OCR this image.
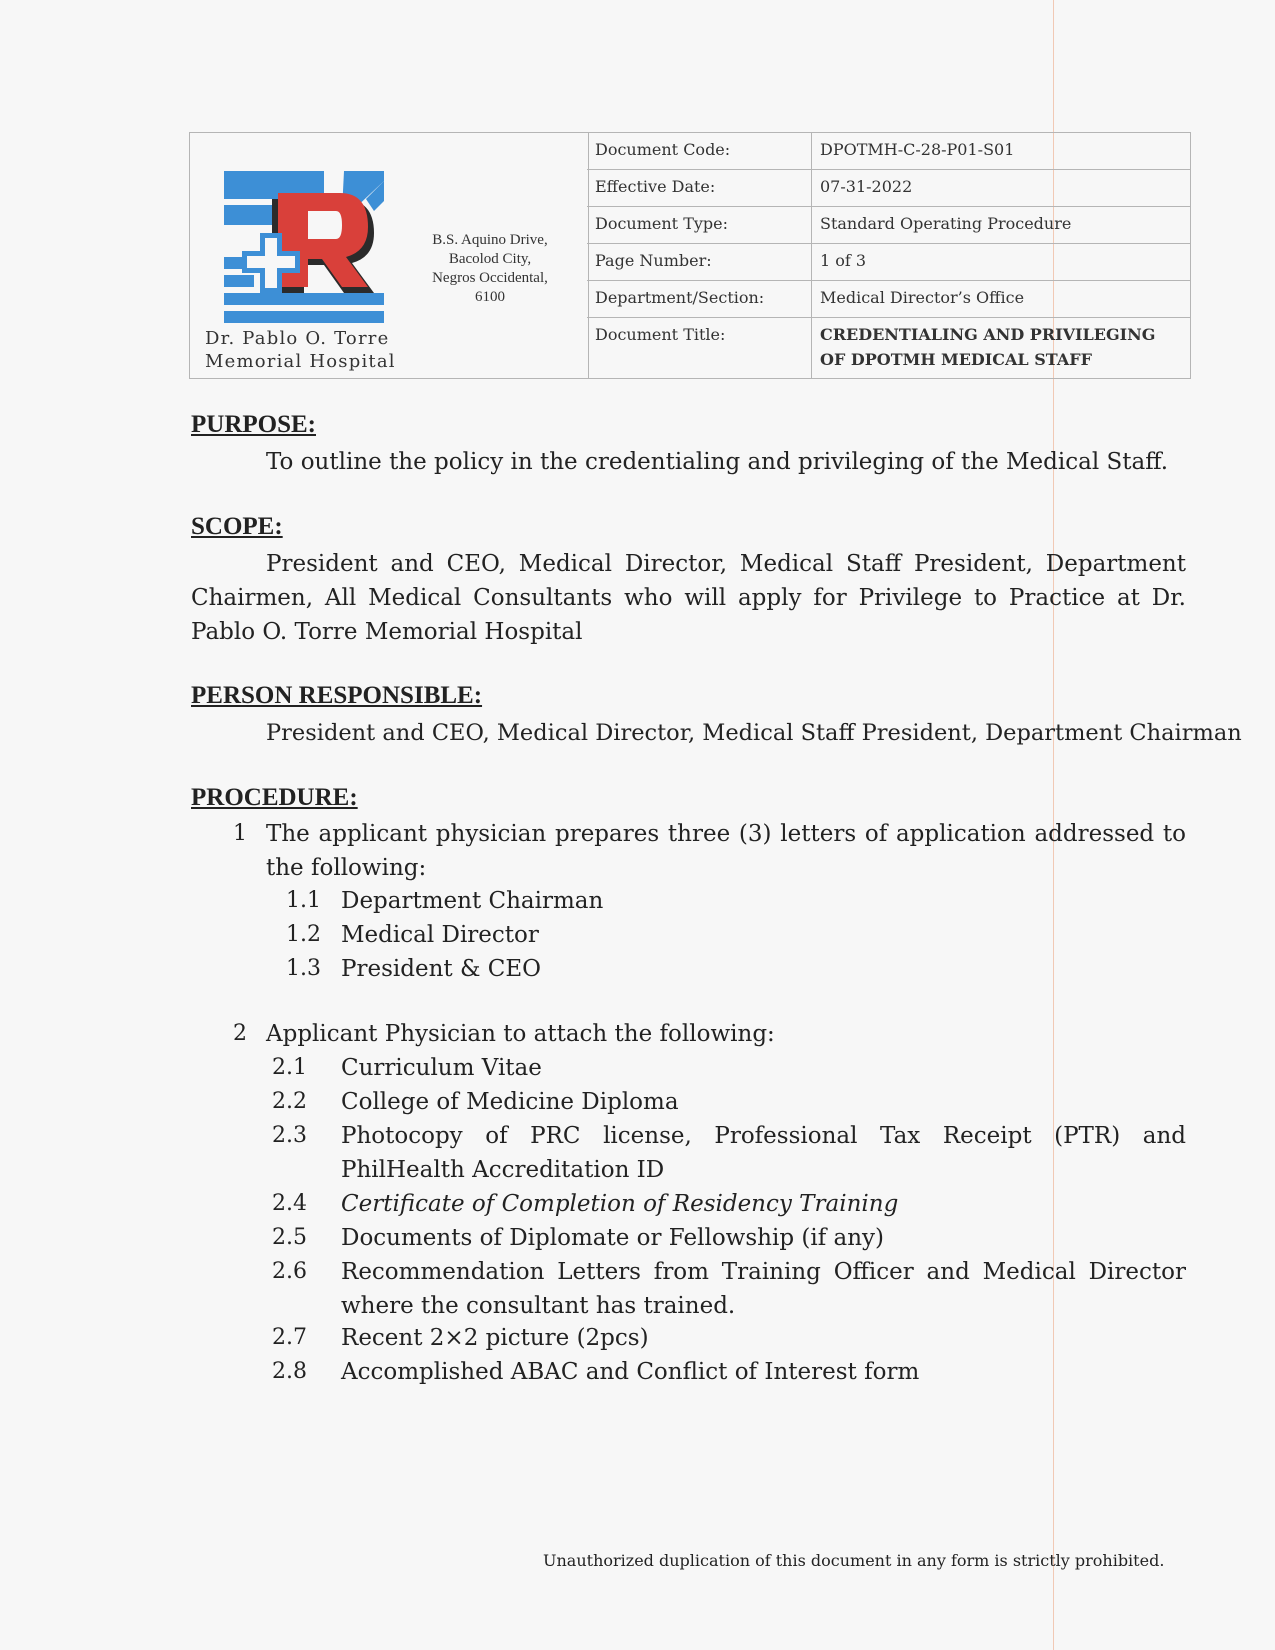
Dr. Pablo O. Torre
Memorial Hospital
B.S. Aquino Drive,
Bacolod City,
Negros Occidental,
6100
Document Code:	DPOTMH-C-28-P01-S01
Effective Date:	07-31-2022
Document Type:	Standard Operating Procedure
Page Number:	1 of 3
Department/Section:	Medical Director’s Office
Document Title:	CREDENTIALING AND PRIVILEGING OF DPOTMH MEDICAL STAFF
PURPOSE:
To outline the policy in the credentialing and privileging of the Medical Staff.
SCOPE:
President and CEO, Medical Director, Medical Staff President, Department Chairmen, All Medical Consultants who will apply for Privilege to Practice at Dr. Pablo O. Torre Memorial Hospital
PERSON RESPONSIBLE:
President and CEO, Medical Director, Medical Staff President, Department Chairman
PROCEDURE:
1 The applicant physician prepares three (3) letters of application addressed to the following:
1.1 Department Chairman
1.2 Medical Director
1.3 President & CEO
2 Applicant Physician to attach the following:
2.1 Curriculum Vitae
2.2 College of Medicine Diploma
2.3 Photocopy of PRC license, Professional Tax Receipt (PTR) and PhilHealth Accreditation ID
2.4 Certificate of Completion of Residency Training
2.5 Documents of Diplomate or Fellowship (if any)
2.6 Recommendation Letters from Training Officer and Medical Director where the consultant has trained.
2.7 Recent 2×2 picture (2pcs)
2.8 Accomplished ABAC and Conflict of Interest form
Unauthorized duplication of this document in any form is strictly prohibited.
